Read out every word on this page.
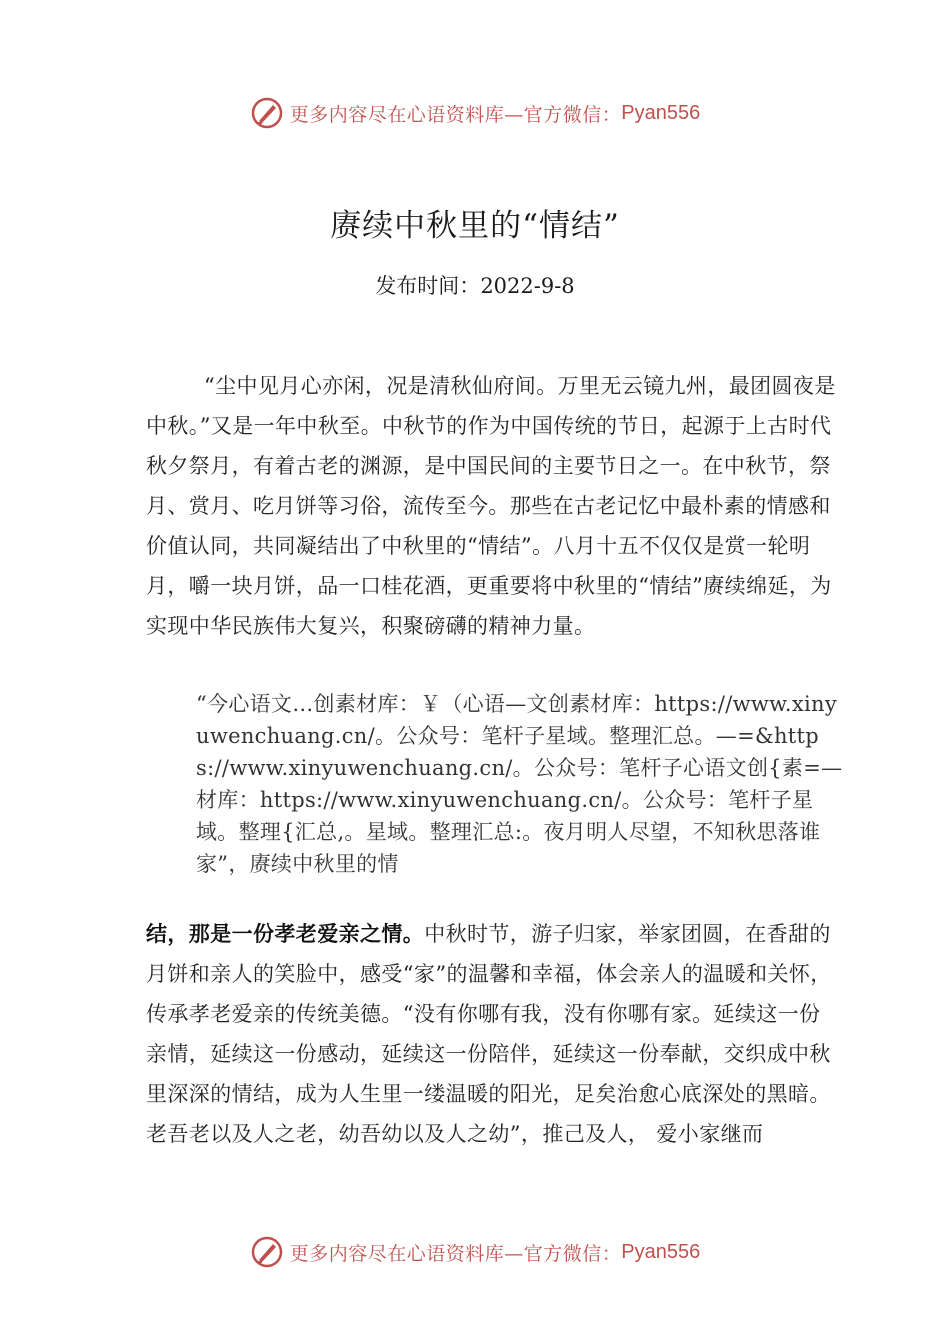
更多内容尽在心语资料库—官方微信： Pyan556
赓续中秋里的“情结”
发布时间：2022-9-8

“尘中见月心亦闲，况是清秋仙府间。万里无云镜九州，最团圆夜是中秋。”又是一年中秋至。中秋节的作为中国传统的节日，起源于上古时代秋夕祭月，有着古老的渊源，是中国民间的主要节日之一。在中秋节，祭月、赏月、吃月饼等习俗，流传至今。那些在古老记忆中最朴素的情感和价值认同，共同凝结出了中秋里的“情结”。八月十五不仅仅是赏一轮明月，嚼一块月饼，品一口桂花酒，更重要将中秋里的“情结”赓续绵延，为实现中华民族伟大复兴，积聚磅礴的精神力量。

“今心语文…创素材库：￥（心语—文创素材库：https://www.xinyuwenchuang.cn/。公众号：笔杆子星域。整理汇总。—=&https://www.xinyuwenchuang.cn/。公众号：笔杆子心语文创{素=—材库：https://www.xinyuwenchuang.cn/。公众号：笔杆子星域。整理{汇总,。星域。整理汇总:。夜月明人尽望，不知秋思落谁家”，赓续中秋里的情

结，那是一份孝老爱亲之情。中秋时节，游子归家，举家团圆，在香甜的月饼和亲人的笑脸中，感受“家”的温馨和幸福，体会亲人的温暖和关怀，传承孝老爱亲的传统美德。“没有你哪有我，没有你哪有家。延续这一份亲情，延续这一份感动，延续这一份陪伴，延续这一份奉献，交织成中秋里深深的情结，成为人生里一缕温暖的阳光，足矣治愈心底深处的黑暗。老吾老以及人之老，幼吾幼以及人之幼”，推己及人， 爱小家继而

更多内容尽在心语资料库—官方微信： Pyan556
